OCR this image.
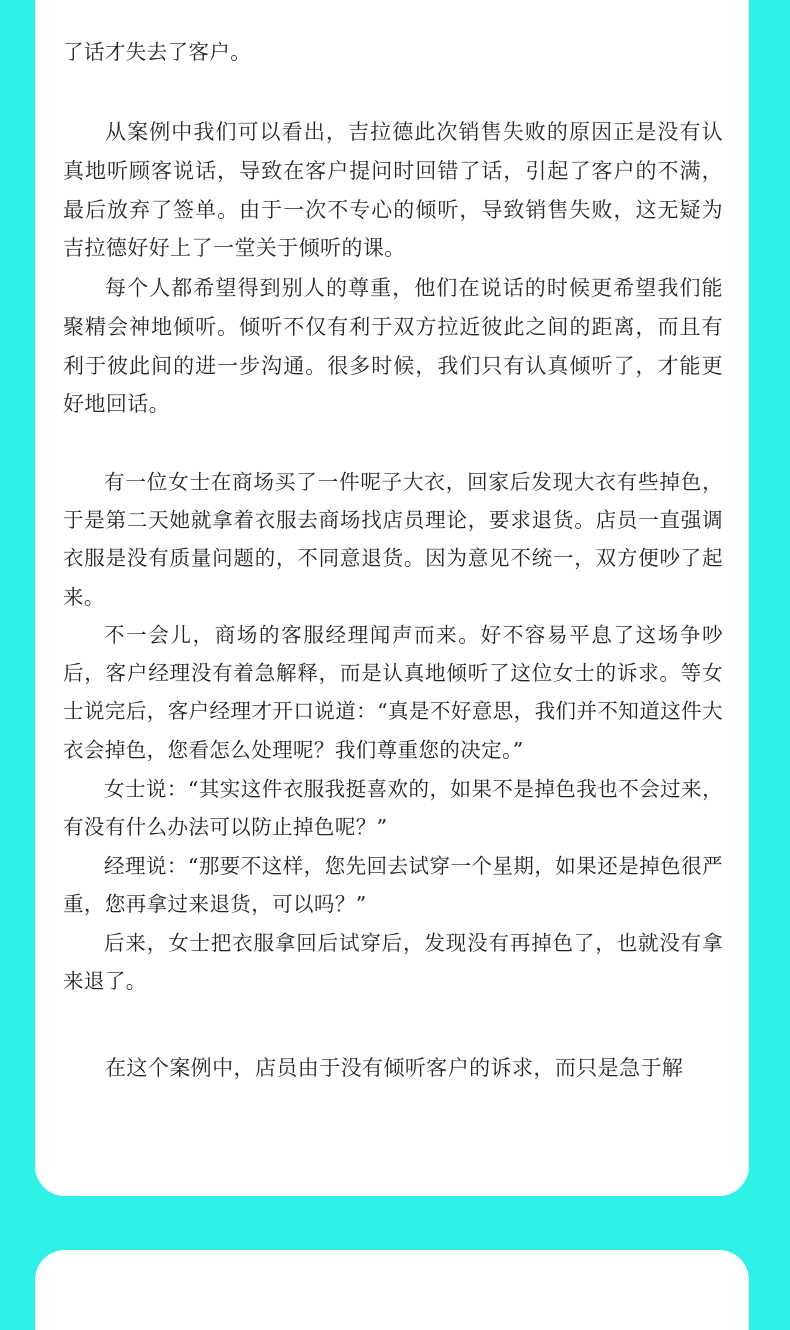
了话才失去了客户。

从案例中我们可以看出，吉拉德此次销售失败的原因正是没有认真地听顾客说话，导致在客户提问时回错了话，引起了客户的不满，最后放弃了签单。由于一次不专心的倾听，导致销售失败，这无疑为吉拉德好好上了一堂关于倾听的课。

每个人都希望得到别人的尊重，他们在说话的时候更希望我们能聚精会神地倾听。倾听不仅有利于双方拉近彼此之间的距离，而且有利于彼此间的进一步沟通。很多时候，我们只有认真倾听了，才能更好地回话。

有一位女士在商场买了一件呢子大衣，回家后发现大衣有些掉色，于是第二天她就拿着衣服去商场找店员理论，要求退货。店员一直强调衣服是没有质量问题的，不同意退货。因为意见不统一，双方便吵了起来。

不一会儿，商场的客服经理闻声而来。好不容易平息了这场争吵后，客户经理没有着急解释，而是认真地倾听了这位女士的诉求。等女士说完后，客户经理才开口说道：“真是不好意思，我们并不知道这件大衣会掉色，您看怎么处理呢？我们尊重您的决定。”

女士说：“其实这件衣服我挺喜欢的，如果不是掉色我也不会过来，有没有什么办法可以防止掉色呢？”

经理说：“那要不这样，您先回去试穿一个星期，如果还是掉色很严重，您再拿过来退货，可以吗？”

后来，女士把衣服拿回后试穿后，发现没有再掉色了，也就没有拿来退了。

在这个案例中，店员由于没有倾听客户的诉求，而只是急于解
